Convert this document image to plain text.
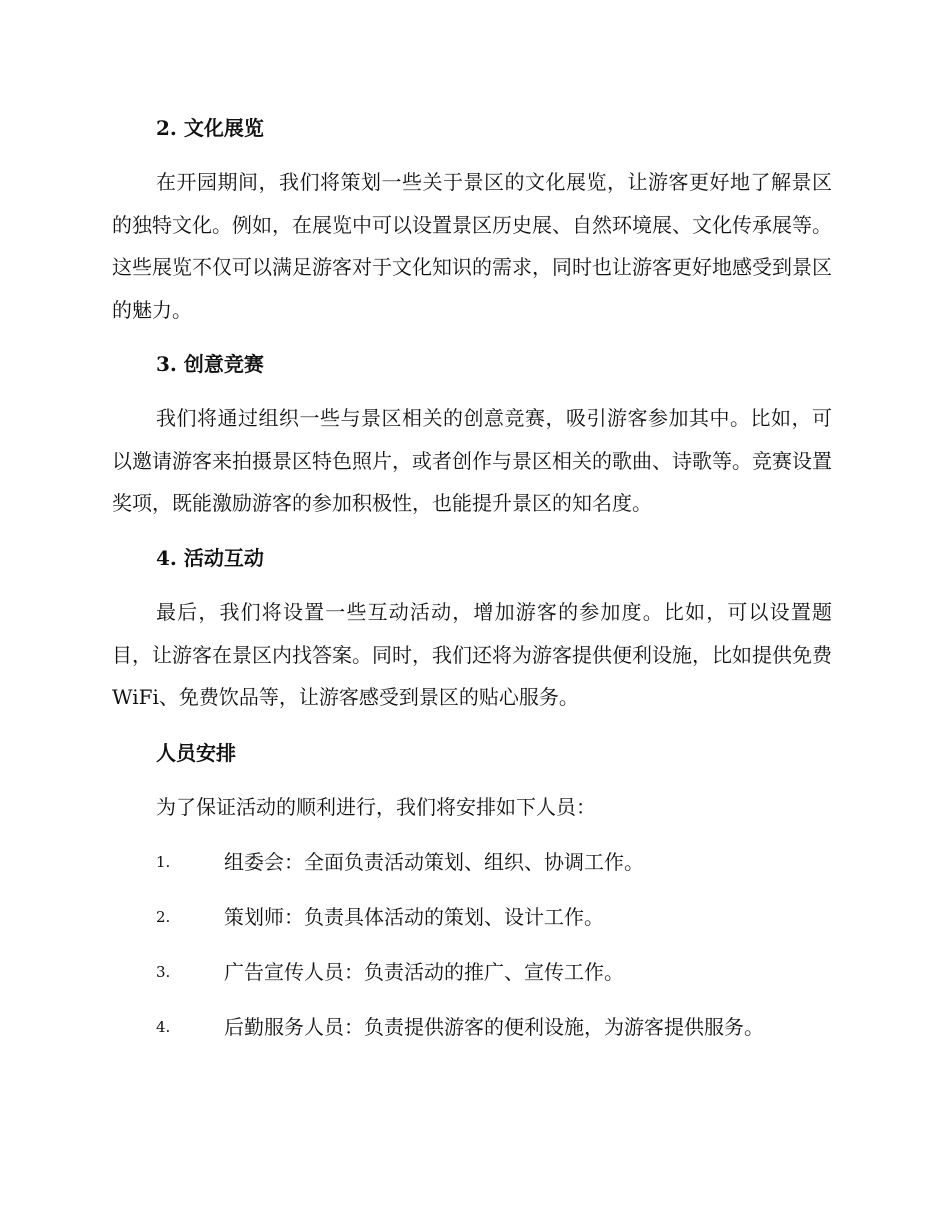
2. 文化展览
在开园期间，我们将策划一些关于景区的文化展览，让游客更好地了解景区的独特文化。例如，在展览中可以设置景区历史展、自然环境展、文化传承展等。这些展览不仅可以满足游客对于文化知识的需求，同时也让游客更好地感受到景区的魅力。
3. 创意竞赛
我们将通过组织一些与景区相关的创意竞赛，吸引游客参加其中。比如，可以邀请游客来拍摄景区特色照片，或者创作与景区相关的歌曲、诗歌等。竞赛设置奖项，既能激励游客的参加积极性，也能提升景区的知名度。
4. 活动互动
最后，我们将设置一些互动活动，增加游客的参加度。比如，可以设置题目，让游客在景区内找答案。同时，我们还将为游客提供便利设施，比如提供免费 WiFi、免费饮品等，让游客感受到景区的贴心服务。
人员安排
为了保证活动的顺利进行，我们将安排如下人员：
1.	组委会：全面负责活动策划、组织、协调工作。
2.	策划师：负责具体活动的策划、设计工作。
3.	广告宣传人员：负责活动的推广、宣传工作。
4.	后勤服务人员：负责提供游客的便利设施，为游客提供服务。
